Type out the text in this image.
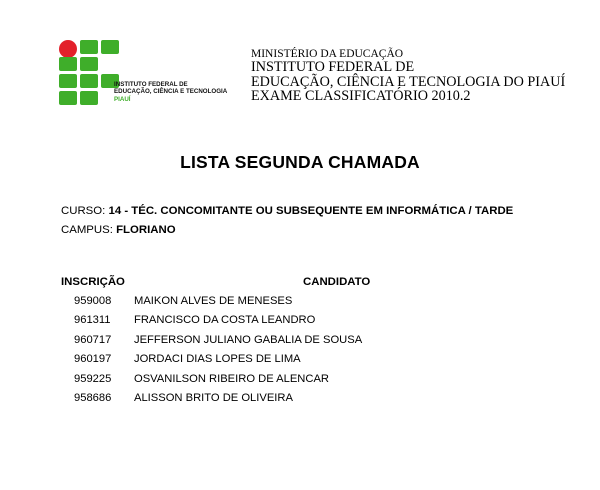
INSTITUTO FEDERAL DE
EDUCAÇÃO, CIÊNCIA E TECNOLOGIA
PIAUÍ
MINISTÉRIO DA EDUCAÇÃO
INSTITUTO FEDERAL DE
EDUCAÇÃO, CIÊNCIA E TECNOLOGIA DO PIAUÍ
EXAME CLASSIFICATÓRIO 2010.2
LISTA SEGUNDA CHAMADA
CURSO: 14 - TÉC. CONCOMITANTE OU SUBSEQUENTE EM INFORMÁTICA / TARDE
CAMPUS: FLORIANO
INSCRIÇÃO	CANDIDATO
959008 MAIKON ALVES DE MENESES
961311 FRANCISCO DA COSTA LEANDRO
960717 JEFFERSON JULIANO GABALIA DE SOUSA
960197 JORDACI DIAS LOPES DE LIMA
959225 OSVANILSON RIBEIRO DE ALENCAR
958686 ALISSON BRITO DE OLIVEIRA
